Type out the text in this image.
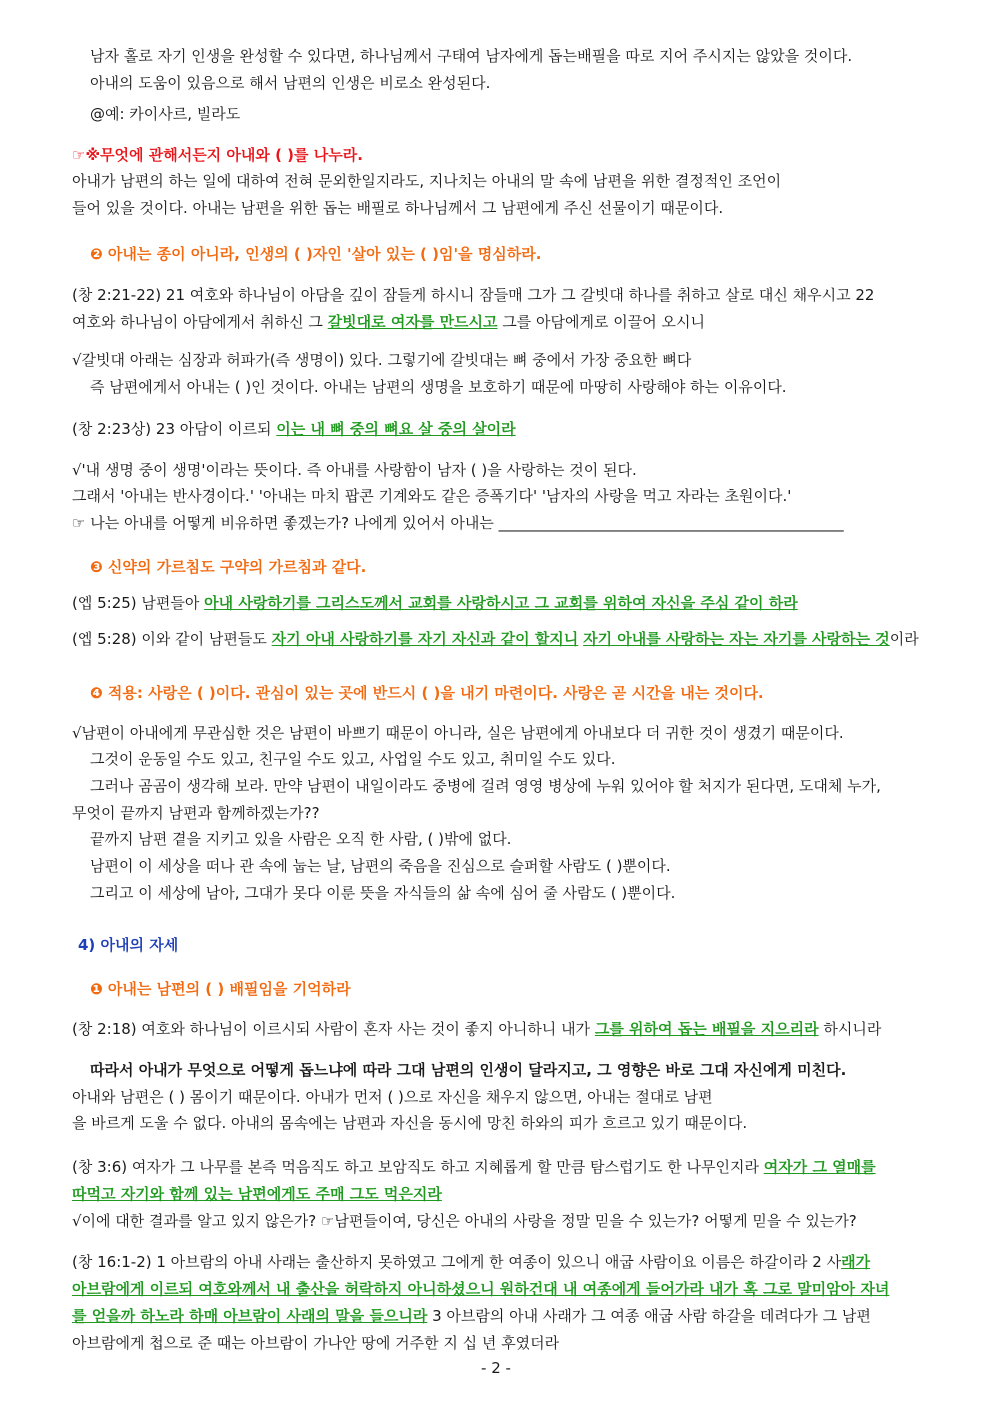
남자 홀로 자기 인생을 완성할 수 있다면, 하나님께서 구태여 남자에게 돕는배필을 따로 지어 주시지는 않았을 것이다.
아내의 도움이 있음으로 해서 남편의 인생은 비로소 완성된다.
@예: 카이사르, 빌라도
☞※무엇에 관해서든지 아내와 ( )를 나누라.
아내가 남편의 하는 일에 대하여 전혀 문외한일지라도, 지나치는 아내의 말 속에 남편을 위한 결정적인 조언이
들어 있을 것이다. 아내는 남편을 위한 돕는 배필로 하나님께서 그 남편에게 주신 선물이기 때문이다.
❷ 아내는 종이 아니라, 인생의 ( )자인 '살아 있는 ( )임'을 명심하라.
(창 2:21-22) 21 여호와 하나님이 아담을 깊이 잠들게 하시니 잠들매 그가 그 갈빗대 하나를 취하고 살로 대신 채우시고 22
여호와 하나님이 아담에게서 취하신 그 갈빗대로 여자를 만드시고 그를 아담에게로 이끌어 오시니
√갈빗대 아래는 심장과 허파가(즉 생명이) 있다. 그렇기에 갈빗대는 뼈 중에서 가장 중요한 뼈다
즉 남편에게서 아내는 ( )인 것이다. 아내는 남편의 생명을 보호하기 때문에 마땅히 사랑해야 하는 이유이다.
(창 2:23상) 23 아담이 이르되 이는 내 뼈 중의 뼈요 살 중의 살이라
√'내 생명 중이 생명'이라는 뜻이다. 즉 아내를 사랑함이 남자 ( )을 사랑하는 것이 된다.
그래서 '아내는 반사경이다.' '아내는 마치 팝콘 기계와도 같은 증폭기다' '남자의 사랑을 먹고 자라는 초원이다.'
☞ 나는 아내를 어떻게 비유하면 좋겠는가? 나에게 있어서 아내는 ______________________________________________
❸ 신약의 가르침도 구약의 가르침과 같다.
(엡 5:25) 남편들아 아내 사랑하기를 그리스도께서 교회를 사랑하시고 그 교회를 위하여 자신을 주심 같이 하라
(엡 5:28) 이와 같이 남편들도 자기 아내 사랑하기를 자기 자신과 같이 할지니 자기 아내를 사랑하는 자는 자기를 사랑하는 것이라
❹ 적용: 사랑은 ( )이다. 관심이 있는 곳에 반드시 ( )을 내기 마련이다. 사랑은 곧 시간을 내는 것이다.
√남편이 아내에게 무관심한 것은 남편이 바쁘기 때문이 아니라, 실은 남편에게 아내보다 더 귀한 것이 생겼기 때문이다.
그것이 운동일 수도 있고, 친구일 수도 있고, 사업일 수도 있고, 취미일 수도 있다.
그러나 곰곰이 생각해 보라. 만약 남편이 내일이라도 중병에 걸려 영영 병상에 누워 있어야 할 처지가 된다면, 도대체 누가,
무엇이 끝까지 남편과 함께하겠는가??
끝까지 남편 곁을 지키고 있을 사람은 오직 한 사람, ( )밖에 없다.
남편이 이 세상을 떠나 관 속에 눕는 날, 남편의 죽음을 진심으로 슬퍼할 사람도 ( )뿐이다.
그리고 이 세상에 남아, 그대가 못다 이룬 뜻을 자식들의 삶 속에 심어 줄 사람도 ( )뿐이다.
4) 아내의 자세
❶ 아내는 남편의 ( ) 배필임을 기억하라
(창 2:18) 여호와 하나님이 이르시되 사람이 혼자 사는 것이 좋지 아니하니 내가 그를 위하여 돕는 배필을 지으리라 하시니라
따라서 아내가 무엇으로 어떻게 돕느냐에 따라 그대 남편의 인생이 달라지고, 그 영향은 바로 그대 자신에게 미친다.
아내와 남편은 ( ) 몸이기 때문이다. 아내가 먼저 ( )으로 자신을 채우지 않으면, 아내는 절대로 남편
을 바르게 도울 수 없다. 아내의 몸속에는 남편과 자신을 동시에 망친 하와의 피가 흐르고 있기 때문이다.
(창 3:6) 여자가 그 나무를 본즉 먹음직도 하고 보암직도 하고 지혜롭게 할 만큼 탐스럽기도 한 나무인지라 여자가 그 열매를
따먹고 자기와 함께 있는 남편에게도 주매 그도 먹은지라
√이에 대한 결과를 알고 있지 않은가? ☞남편들이여, 당신은 아내의 사랑을 정말 믿을 수 있는가? 어떻게 믿을 수 있는가?
(창 16:1-2) 1 아브람의 아내 사래는 출산하지 못하였고 그에게 한 여종이 있으니 애굽 사람이요 이름은 하갈이라 2 사래가
아브람에게 이르되 여호와께서 내 출산을 허락하지 아니하셨으니 원하건대 내 여종에게 들어가라 내가 혹 그로 말미암아 자녀
를 얻을까 하노라 하매 아브람이 사래의 말을 들으니라 3 아브람의 아내 사래가 그 여종 애굽 사람 하갈을 데려다가 그 남편
아브람에게 첩으로 준 때는 아브람이 가나안 땅에 거주한 지 십 년 후였더라
- 2 -
